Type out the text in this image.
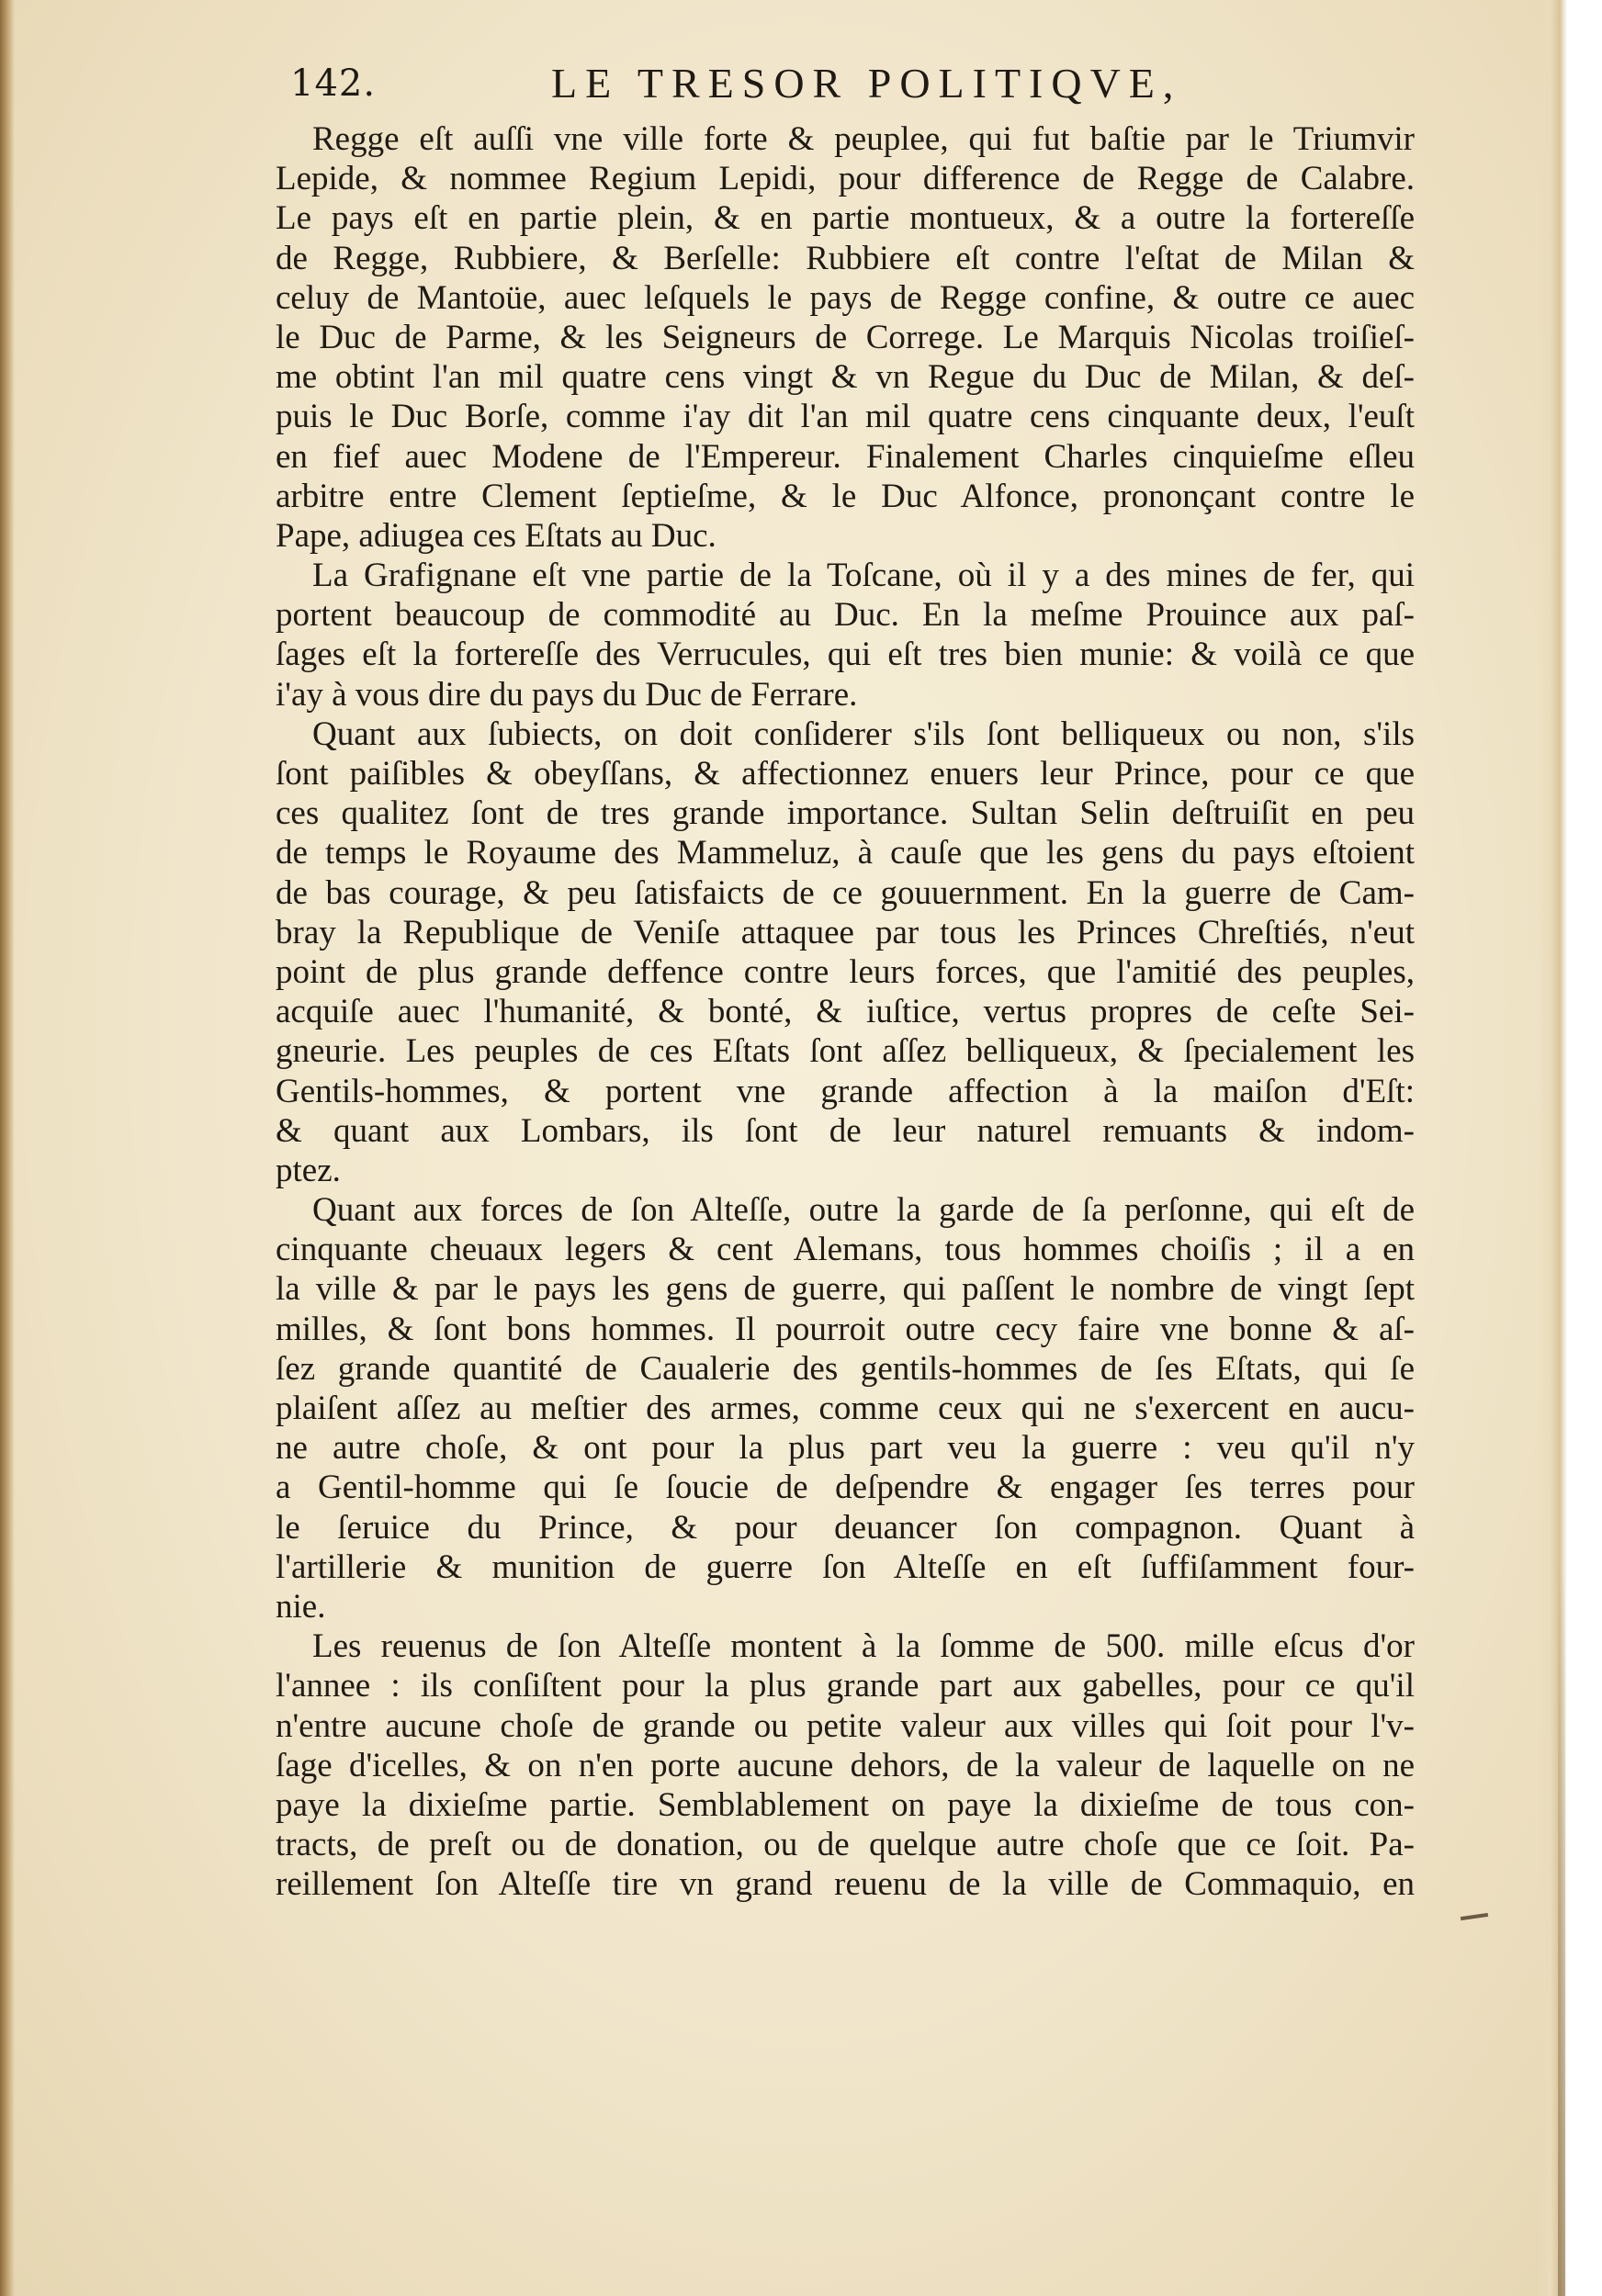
142.	LE TRESOR POLITIQVE,
Regge eſt auſſi vne ville forte & peuplee, qui fut baſtie par le Triumvir
Lepide, & nommee Regium Lepidi, pour difference de Regge de Calabre.
Le pays eſt en partie plein, & en partie montueux, & a outre la fortereſſe
de Regge, Rubbiere, & Berſelle: Rubbiere eſt contre l'eſtat de Milan &
celuy de Mantoüe, auec leſquels le pays de Regge confine, & outre ce auec
le Duc de Parme, & les Seigneurs de Correge. Le Marquis Nicolas troiſieſ-
me obtint l'an mil quatre cens vingt & vn Regue du Duc de Milan, & deſ-
puis le Duc Borſe, comme i'ay dit l'an mil quatre cens cinquante deux, l'euſt
en fief auec Modene de l'Empereur. Finalement Charles cinquieſme eſleu
arbitre entre Clement ſeptieſme, & le Duc Alfonce, prononçant contre le
Pape, adiugea ces Eſtats au Duc.
La Grafignane eſt vne partie de la Toſcane, où il y a des mines de fer, qui
portent beaucoup de commodité au Duc. En la meſme Prouince aux paſ-
ſages eſt la fortereſſe des Verrucules, qui eſt tres bien munie: & voilà ce que
i'ay à vous dire du pays du Duc de Ferrare.
Quant aux ſubiects, on doit conſiderer s'ils ſont belliqueux ou non, s'ils
ſont paiſibles & obeyſſans, & affectionnez enuers leur Prince, pour ce que
ces qualitez ſont de tres grande importance. Sultan Selin deſtruiſit en peu
de temps le Royaume des Mammeluz, à cauſe que les gens du pays eſtoient
de bas courage, & peu ſatisfaicts de ce gouuernment. En la guerre de Cam-
bray la Republique de Veniſe attaquee par tous les Princes Chreſtiés, n'eut
point de plus grande deffence contre leurs forces, que l'amitié des peuples,
acquiſe auec l'humanité, & bonté, & iuſtice, vertus propres de ceſte Sei-
gneurie. Les peuples de ces Eſtats ſont aſſez belliqueux, & ſpecialement les
Gentils-hommes, & portent vne grande affection à la maiſon d'Eſt:
& quant aux Lombars, ils ſont de leur naturel remuants & indom-
ptez.
Quant aux forces de ſon Alteſſe, outre la garde de ſa perſonne, qui eſt de
cinquante cheuaux legers & cent Alemans, tous hommes choiſis ; il a en
la ville & par le pays les gens de guerre, qui paſſent le nombre de vingt ſept
milles, & ſont bons hommes. Il pourroit outre cecy faire vne bonne & aſ-
ſez grande quantité de Caualerie des gentils-hommes de ſes Eſtats, qui ſe
plaiſent aſſez au meſtier des armes, comme ceux qui ne s'exercent en aucu-
ne autre choſe, & ont pour la plus part veu la guerre : veu qu'il n'y
a Gentil-homme qui ſe ſoucie de deſpendre & engager ſes terres pour
le ſeruice du Prince, & pour deuancer ſon compagnon. Quant à
l'artillerie & munition de guerre ſon Alteſſe en eſt ſuffiſamment four-
nie.
Les reuenus de ſon Alteſſe montent à la ſomme de 500. mille eſcus d'or
l'annee : ils conſiſtent pour la plus grande part aux gabelles, pour ce qu'il
n'entre aucune choſe de grande ou petite valeur aux villes qui ſoit pour l'v-
ſage d'icelles, & on n'en porte aucune dehors, de la valeur de laquelle on ne
paye la dixieſme partie. Semblablement on paye la dixieſme de tous con-
tracts, de preſt ou de donation, ou de quelque autre choſe que ce ſoit. Pa-
reillement ſon Alteſſe tire vn grand reuenu de la ville de Commaquio, en
